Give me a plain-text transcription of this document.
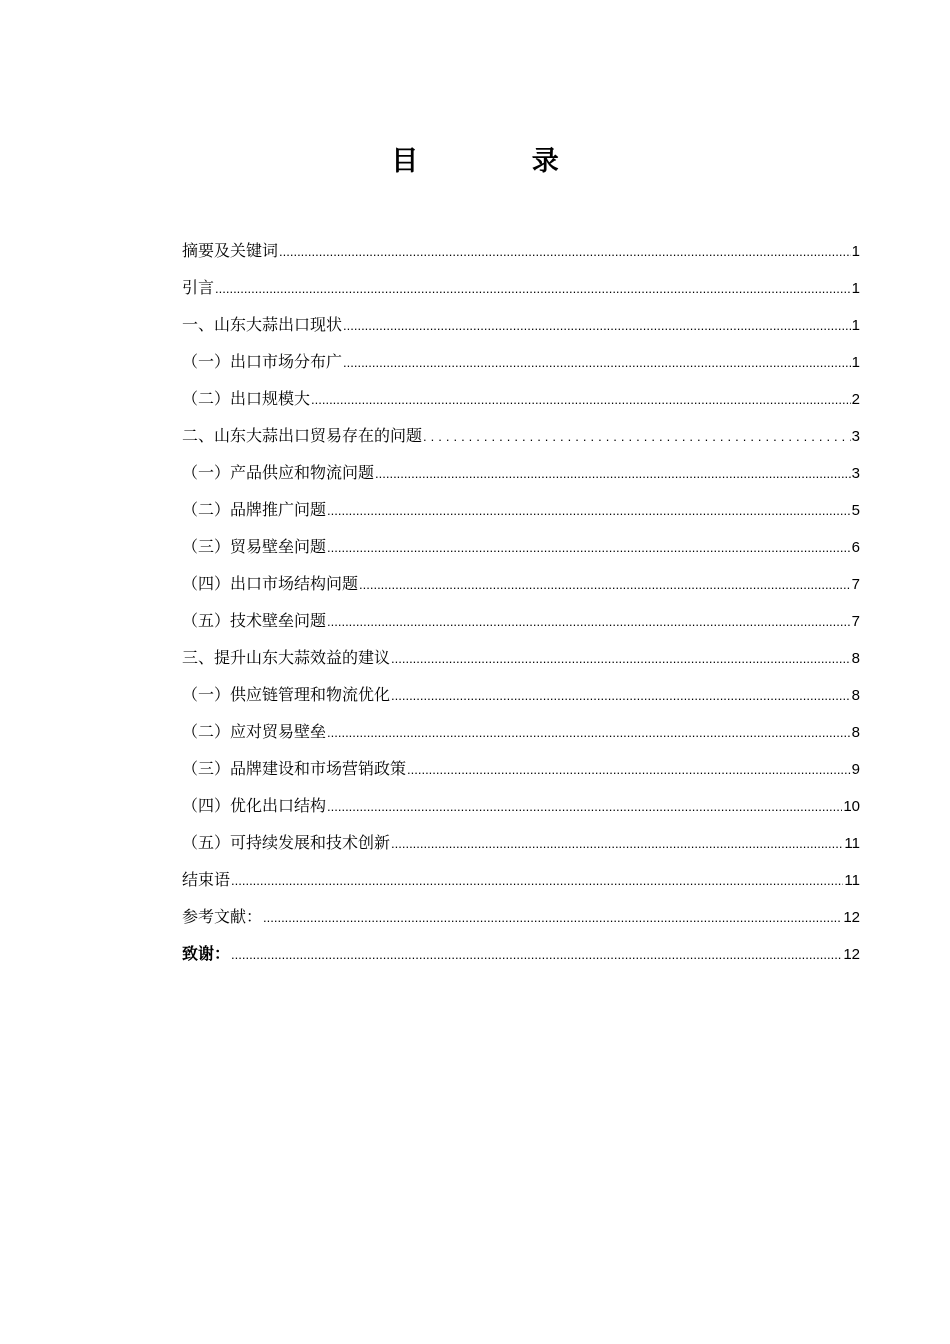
目 录
摘要及关键词 .....	1
引言 .....	1
一、山东大蒜出口现状 .....	1
（一）出口市场分布广 .....	1
（二）出口规模大 .....	2
二、山东大蒜出口贸易存在的问题 .....	3
（一）产品供应和物流问题 .....	3
（二）品牌推广问题 .....	5
（三）贸易壁垒问题 .....	6
（四）出口市场结构问题 .....	7
（五）技术壁垒问题 .....	7
三、提升山东大蒜效益的建议 .....	8
（一）供应链管理和物流优化 .....	8
（二）应对贸易壁垒 .....	8
（三）品牌建设和市场营销政策 .....	9
（四）优化出口结构 .....	10
（五）可持续发展和技术创新 .....	11
结束语 .....	11
参考文献： .....	12
致谢： .....	12
